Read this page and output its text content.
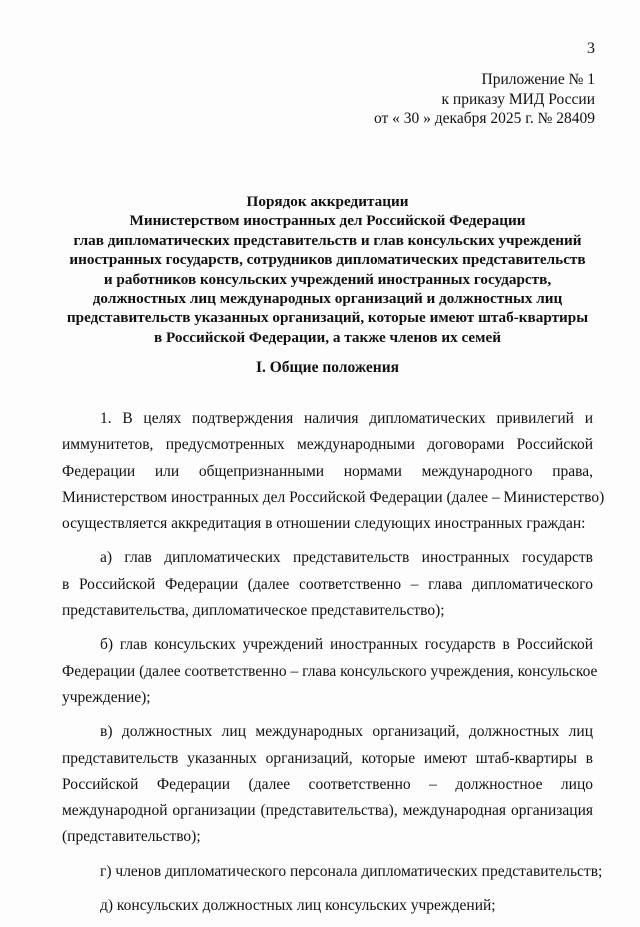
3
Приложение № 1
к приказу МИД России
от « 30 » декабря 2025 г. № 28409
Порядок аккредитации
Министерством иностранных дел Российской Федерации
глав дипломатических представительств и глав консульских учреждений
иностранных государств, сотрудников дипломатических представительств
и работников консульских учреждений иностранных государств,
должностных лиц международных организаций и должностных лиц
представительств указанных организаций, которые имеют штаб-квартиры
в Российской Федерации, а также членов их семей
I. Общие положения
1. В целях подтверждения наличия дипломатических привилегий и
иммунитетов, предусмотренных международными договорами Российской
Федерации или общепризнанными нормами международного права,
Министерством иностранных дел Российской Федерации (далее – Министерство)
осуществляется аккредитация в отношении следующих иностранных граждан:
а) глав дипломатических представительств иностранных государств
в Российской Федерации (далее соответственно – глава дипломатического
представительства, дипломатическое представительство);
б) глав консульских учреждений иностранных государств в Российской
Федерации (далее соответственно – глава консульского учреждения, консульское
учреждение);
в) должностных лиц международных организаций, должностных лиц
представительств указанных организаций, которые имеют штаб-квартиры в
Российской Федерации (далее соответственно – должностное лицо
международной организации (представительства), международная организация
(представительство);
г) членов дипломатического персонала дипломатических представительств;
д) консульских должностных лиц консульских учреждений;
